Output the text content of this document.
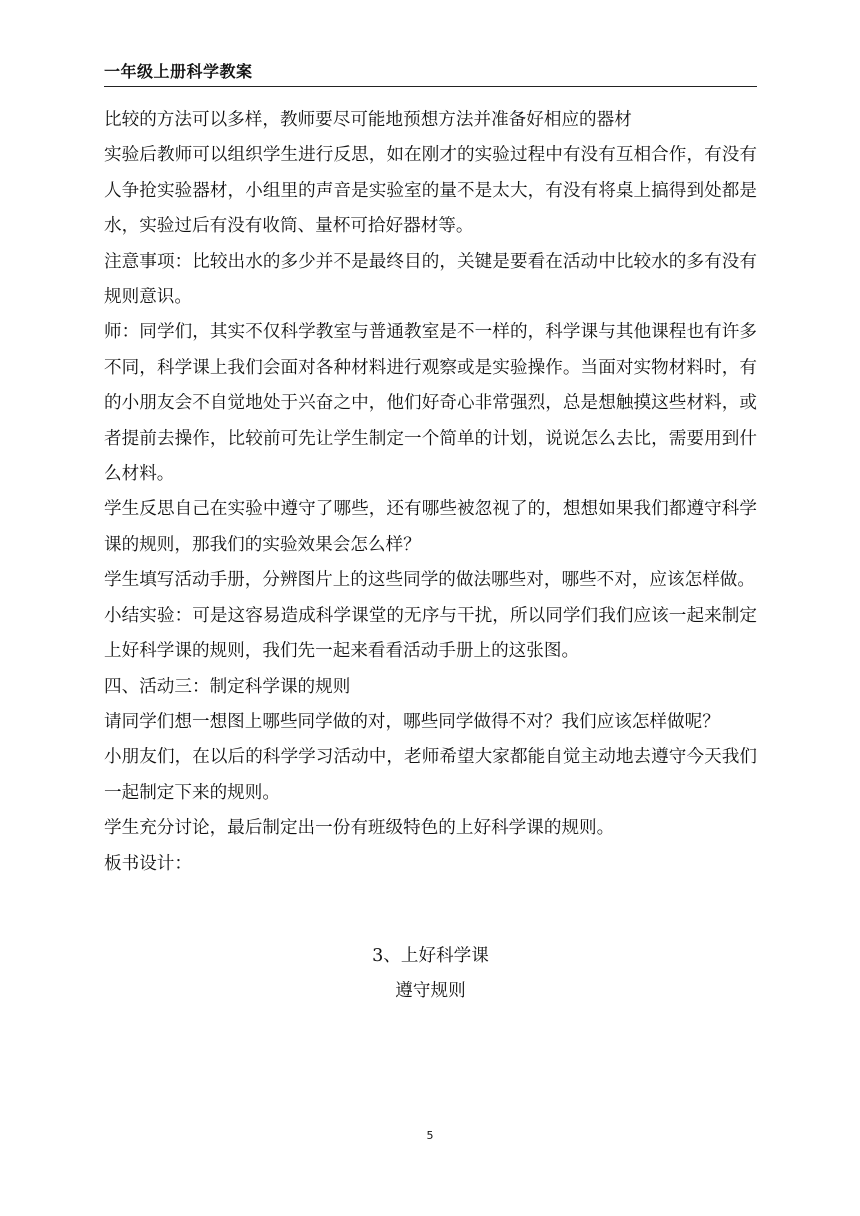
一年级上册科学教案

比较的方法可以多样，教师要尽可能地预想方法并准备好相应的器材

实验后教师可以组织学生进行反思，如在刚才的实验过程中有没有互相合作，有没有人争抢实验器材，小组里的声音是实验室的量不是太大，有没有将桌上搞得到处都是水，实验过后有没有收筒、量杯可拾好器材等。

注意事项：比较出水的多少并不是最终目的，关键是要看在活动中比较水的多有没有规则意识。

师：同学们，其实不仅科学教室与普通教室是不一样的，科学课与其他课程也有许多不同，科学课上我们会面对各种材料进行观察或是实验操作。当面对实物材料时，有的小朋友会不自觉地处于兴奋之中，他们好奇心非常强烈，总是想触摸这些材料，或者提前去操作，比较前可先让学生制定一个简单的计划，说说怎么去比，需要用到什么材料。

学生反思自己在实验中遵守了哪些，还有哪些被忽视了的，想想如果我们都遵守科学课的规则，那我们的实验效果会怎么样？

学生填写活动手册，分辨图片上的这些同学的做法哪些对，哪些不对，应该怎样做。

小结实验：可是这容易造成科学课堂的无序与干扰，所以同学们我们应该一起来制定上好科学课的规则，我们先一起来看看活动手册上的这张图。

四、活动三：制定科学课的规则

请同学们想一想图上哪些同学做的对，哪些同学做得不对？我们应该怎样做呢？

小朋友们，在以后的科学学习活动中，老师希望大家都能自觉主动地去遵守今天我们一起制定下来的规则。

学生充分讨论，最后制定出一份有班级特色的上好科学课的规则。

板书设计：

3、上好科学课

遵守规则

5
